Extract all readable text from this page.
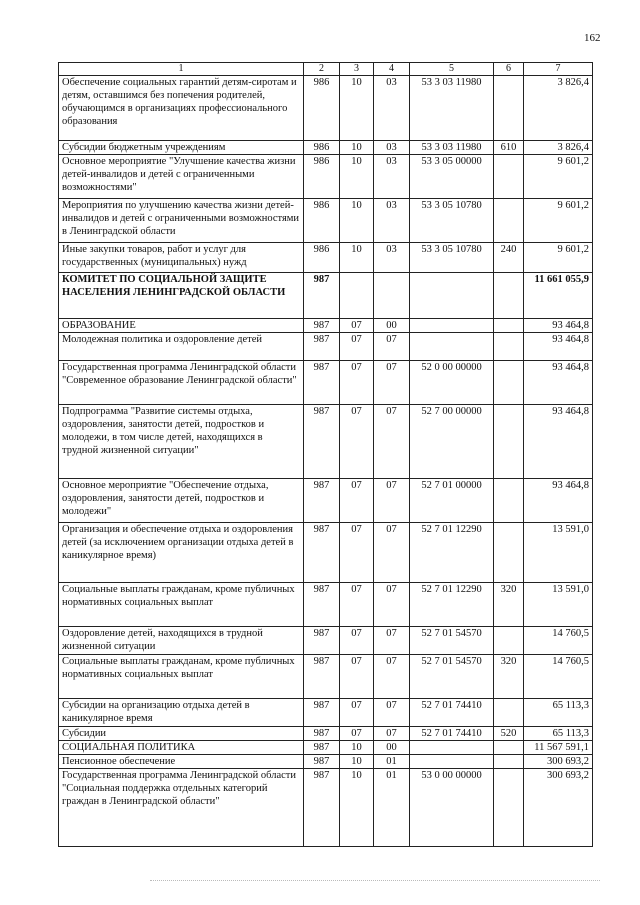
162
1	2	3	4	5	6	7
Обеспечение социальных гарантий детям-сиротам и детям, оставшимся без попечения родителей, обучающимся в организациях профессионального образования	986	10	03	53 3 03 11980		3 826,4
Субсидии бюджетным учреждениям	986	10	03	53 3 03 11980	610	3 826,4
Основное мероприятие "Улучшение качества жизни детей-инвалидов и детей с ограниченными возможностями"	986	10	03	53 3 05 00000		9 601,2
Мероприятия по улучшению качества жизни детей-инвалидов и детей с ограниченными возможностями в Ленинградской области	986	10	03	53 3 05 10780		9 601,2
Иные закупки товаров, работ и услуг для государственных (муниципальных) нужд	986	10	03	53 3 05 10780	240	9 601,2
КОМИТЕТ ПО СОЦИАЛЬНОЙ ЗАЩИТЕ НАСЕЛЕНИЯ ЛЕНИНГРАДСКОЙ ОБЛАСТИ	987					11 661 055,9
ОБРАЗОВАНИЕ	987	07	00			93 464,8
Молодежная политика и оздоровление детей	987	07	07			93 464,8
Государственная программа Ленинградской области "Современное образование Ленинградской области"	987	07	07	52 0 00 00000		93 464,8
Подпрограмма "Развитие системы отдыха, оздоровления, занятости детей, подростков и молодежи, в том числе детей, находящихся в трудной жизненной ситуации"	987	07	07	52 7 00 00000		93 464,8
Основное мероприятие "Обеспечение отдыха, оздоровления, занятости детей, подростков и молодежи"	987	07	07	52 7 01 00000		93 464,8
Организация и обеспечение отдыха и оздоровления детей (за исключением организации отдыха детей в каникулярное время)	987	07	07	52 7 01 12290		13 591,0
Социальные выплаты гражданам, кроме публичных нормативных социальных выплат	987	07	07	52 7 01 12290	320	13 591,0
Оздоровление детей, находящихся в трудной жизненной ситуации	987	07	07	52 7 01 54570		14 760,5
Социальные выплаты гражданам, кроме публичных нормативных социальных выплат	987	07	07	52 7 01 54570	320	14 760,5
Субсидии на организацию отдыха детей в каникулярное время	987	07	07	52 7 01 74410		65 113,3
Субсидии	987	07	07	52 7 01 74410	520	65 113,3
СОЦИАЛЬНАЯ ПОЛИТИКА	987	10	00			11 567 591,1
Пенсионное обеспечение	987	10	01			300 693,2
Государственная программа Ленинградской области "Социальная поддержка отдельных категорий граждан в Ленинградской области"	987	10	01	53 0 00 00000		300 693,2
